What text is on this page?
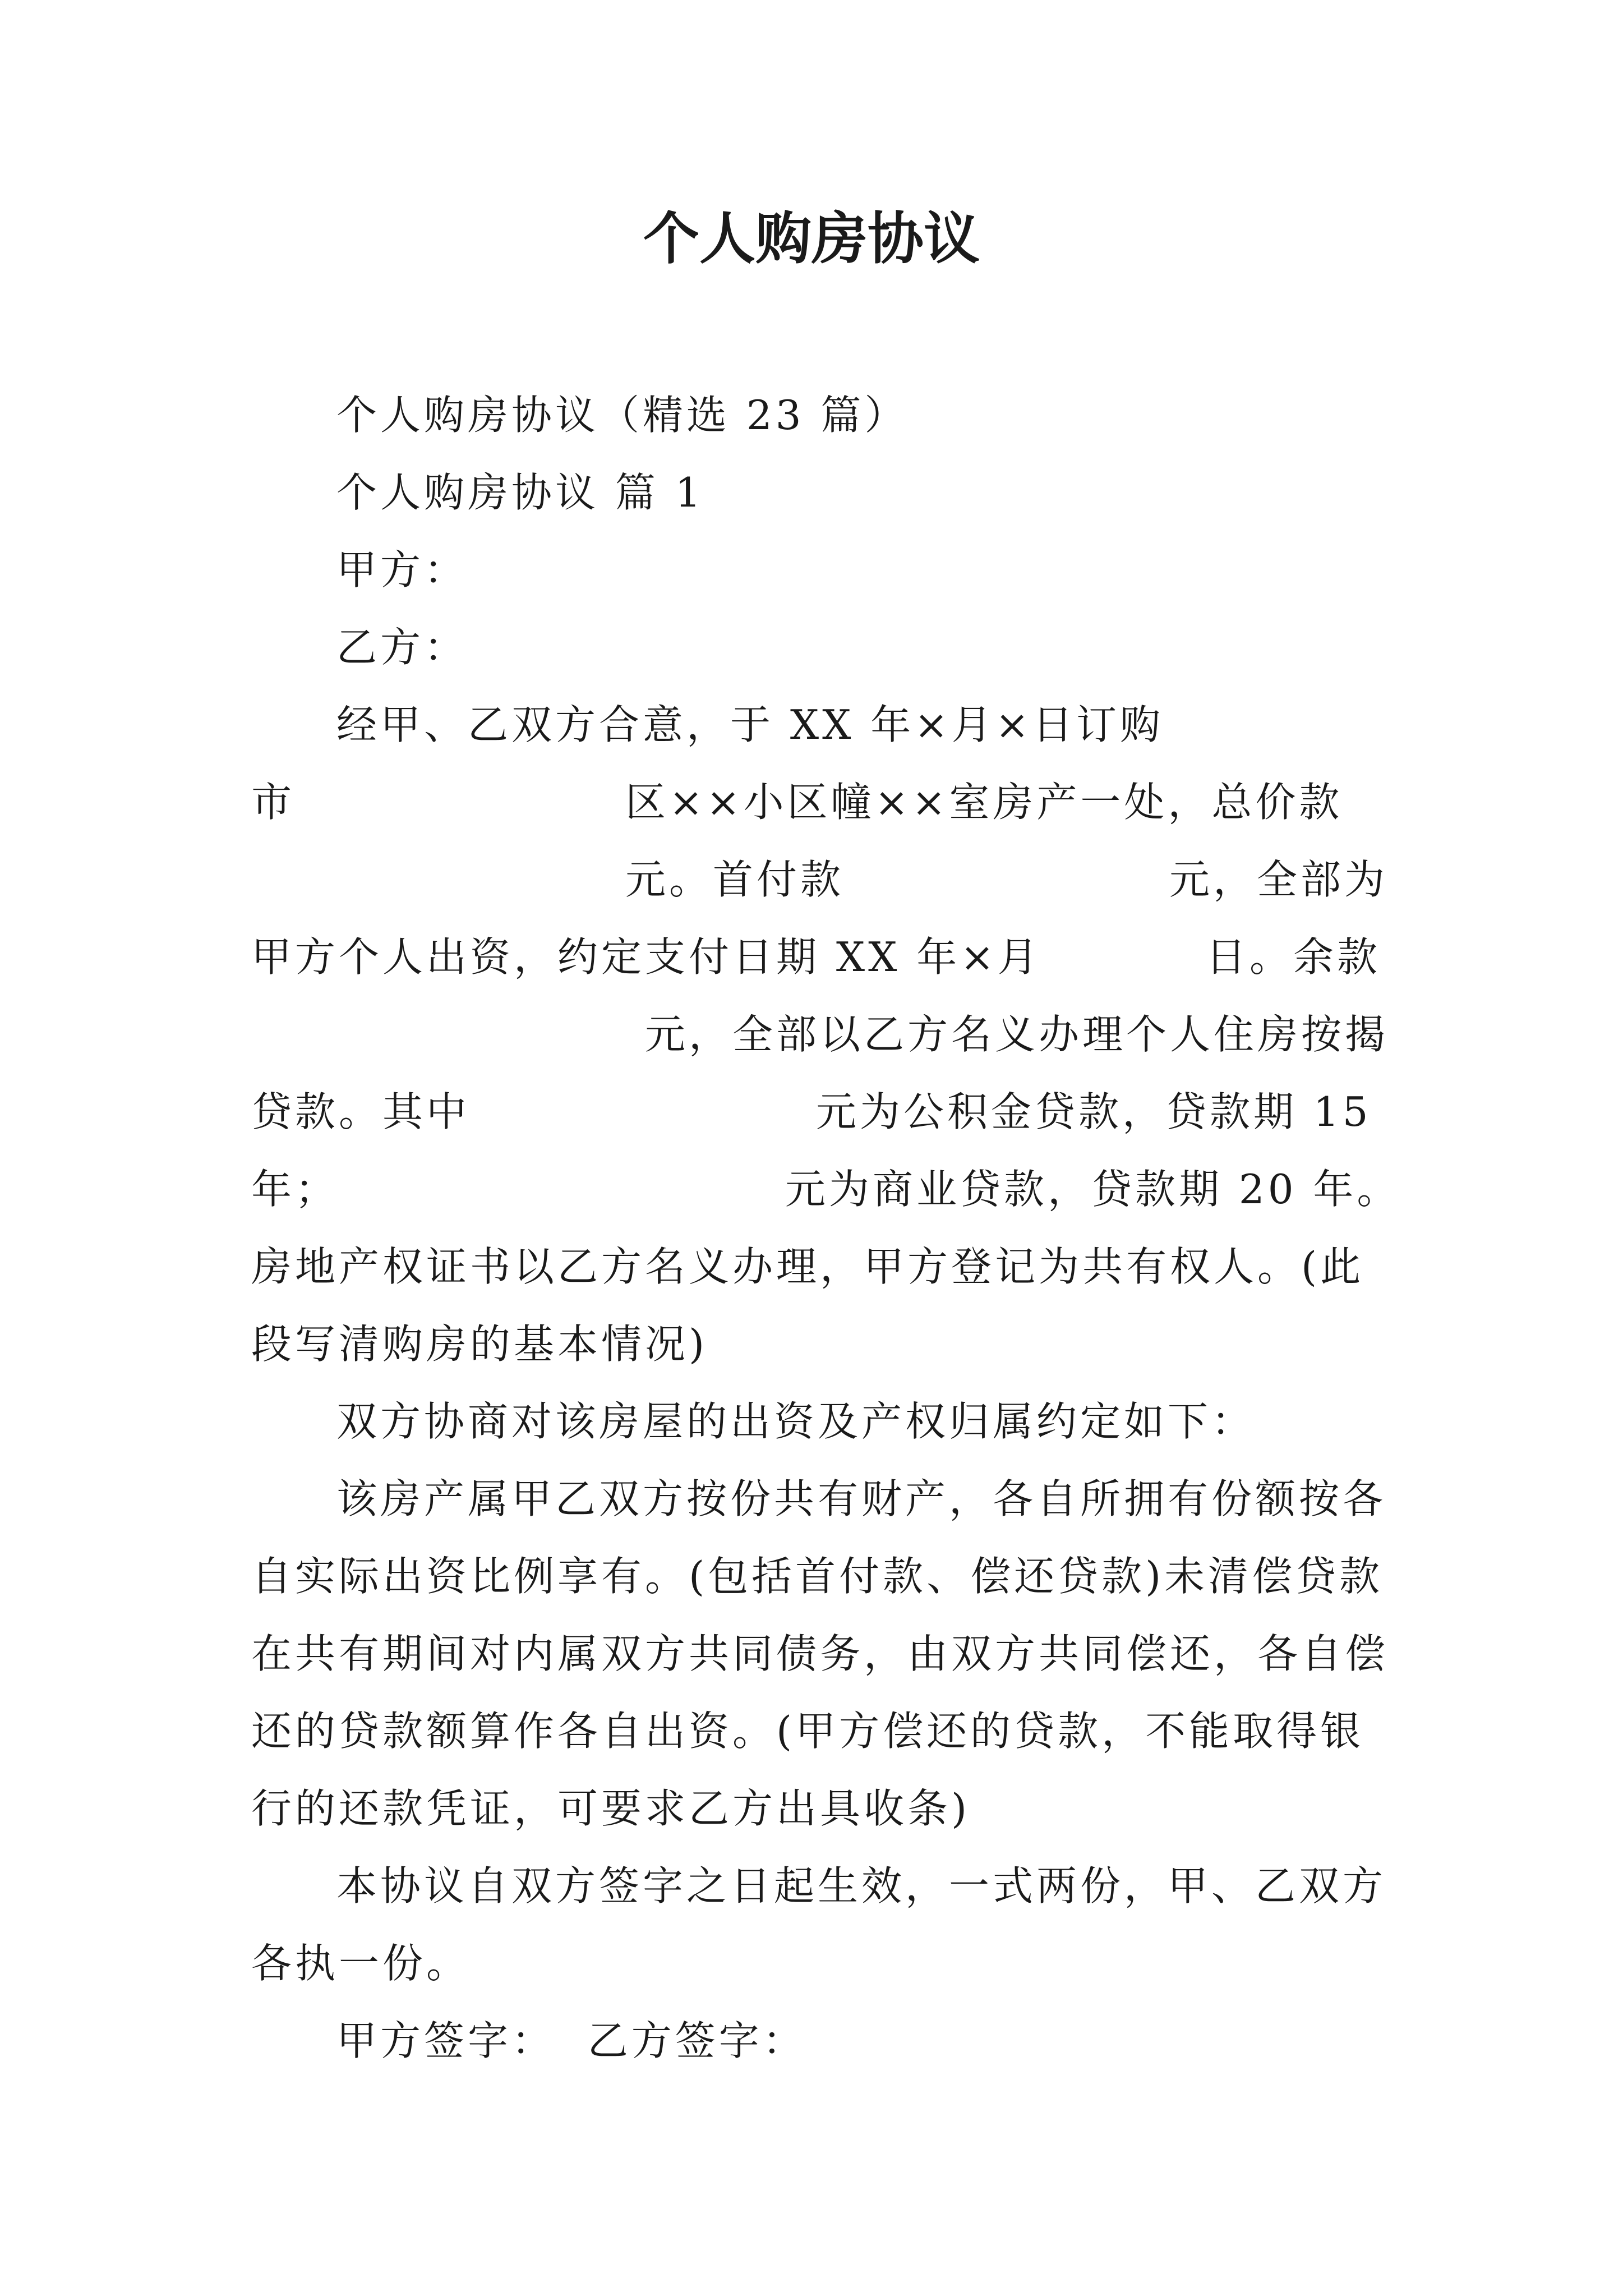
个人购房协议
个人购房协议（精选 23 篇）
个人购房协议 篇 1
甲方：
乙方：
经甲、乙双方合意，于 XX 年×月×日订购
市	区××小区幢××室房产一处，总价款
元。首付款	元，全部为
甲方个人出资，约定支付日期 XX 年×月	日。余款
元，全部以乙方名义办理个人住房按揭
贷款。其中	元为公积金贷款，贷款期 15
年；	元为商业贷款，贷款期 20 年。
房地产权证书以乙方名义办理，甲方登记为共有权人。(此
段写清购房的基本情况)
双方协商对该房屋的出资及产权归属约定如下：
该房产属甲乙双方按份共有财产，各自所拥有份额按各
自实际出资比例享有。(包括首付款、偿还贷款)未清偿贷款
在共有期间对内属双方共同债务，由双方共同偿还，各自偿
还的贷款额算作各自出资。(甲方偿还的贷款，不能取得银
行的还款凭证，可要求乙方出具收条)
本协议自双方签字之日起生效，一式两份，甲、乙双方
各执一份。
甲方签字：  乙方签字：
